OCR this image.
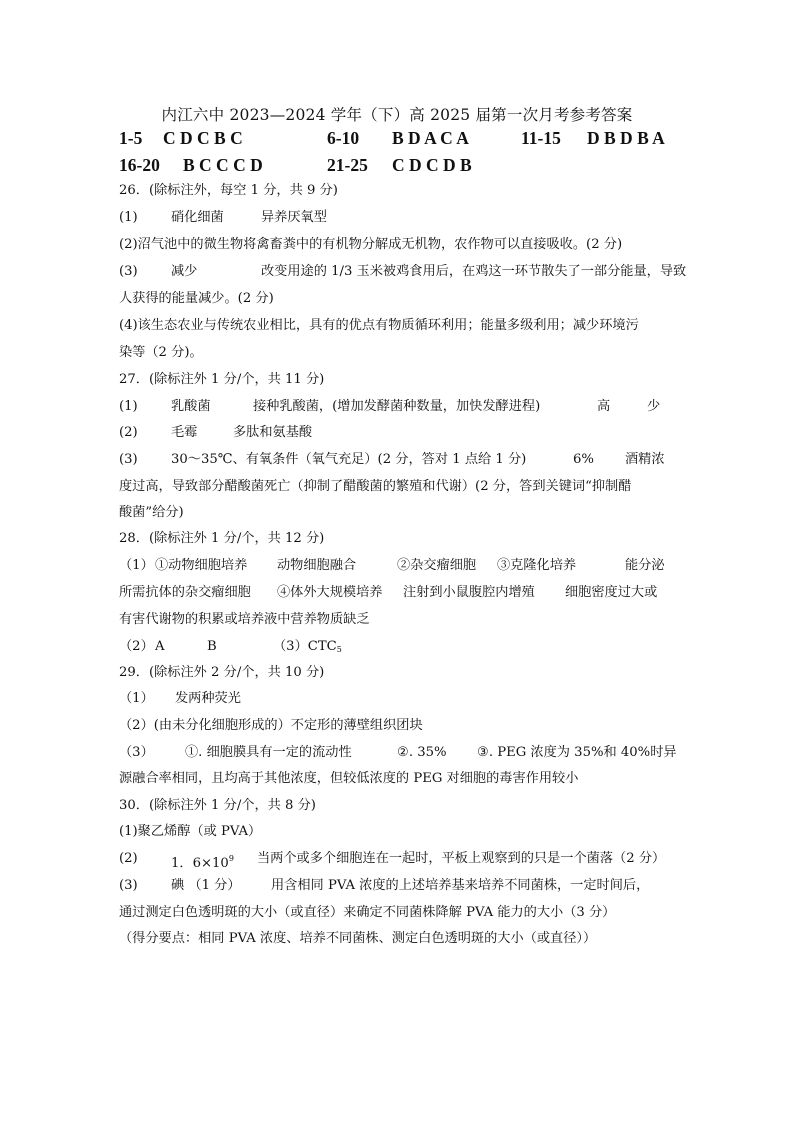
内江六中 2023—2024 学年（下）高 2025 届第一次月考参考答案
1-5 C D C B C	6-10 B D A C A	11-15 D B D B A
16-20 B C C C D	21-25 C D C D B
26．(除标注外，每空 1 分，共 9 分)
(1)	硝化细菌	异养厌氧型
(2)沼气池中的微生物将禽畜粪中的有机物分解成无机物，农作物可以直接吸收。(2 分)
(3)	减少	改变用途的 1/3 玉米被鸡食用后，在鸡这一环节散失了一部分能量，导致
人获得的能量减少。(2 分)
(4)该生态农业与传统农业相比，具有的优点有物质循环利用；能量多级利用；减少环境污
染等（2 分)。
27．(除标注外 1 分/个，共 11 分)
(1)	乳酸菌	接种乳酸菌，(增加发酵菌种数量，加快发酵进程)	高	少
(2)	毛霉	多肽和氨基酸
(3)	30～35℃、有氧条件（氧气充足）(2 分，答对 1 点给 1 分)	6% 酒精浓
度过高，导致部分醋酸菌死亡（抑制了醋酸菌的繁殖和代谢）(2 分，答到关键词“抑制醋
酸菌”给分)
28．(除标注外 1 分/个，共 12 分)
（1） ①动物细胞培养 动物细胞融合	②杂交瘤细胞 ③克隆化培养	能分泌
所需抗体的杂交瘤细胞 ④体外大规模培养 注射到小鼠腹腔内增殖 细胞密度过大或
有害代谢物的积累或培养液中营养物质缺乏
（2） A	B	$(3)CTC_5$
29．(除标注外 2 分/个，共 10 分)
（1） 发两种荧光
（2）(由未分化细胞形成的）不定形的薄壁组织团块
（3） ①. 细胞膜具有一定的流动性	②. 35% ③. PEG 浓度为 35%和 40%时异
源融合率相同，且均高于其他浓度，但较低浓度的 PEG 对细胞的毒害作用较小
30．(除标注外 1 分/个，共 8 分)
(1)聚乙烯醇（或 PVA）
(2)	1．$6\times 10^9$ 当两个或多个细胞连在一起时，平板上观察到的只是一个菌落（2 分）
(3)	碘 （1 分） 用含相同 PVA 浓度的上述培养基来培养不同菌株，一定时间后，
通过测定白色透明斑的大小（或直径）来确定不同菌株降解 PVA 能力的大小（3 分）
（得分要点：相同 PVA 浓度、培养不同菌株、测定白色透明斑的大小（或直径））
